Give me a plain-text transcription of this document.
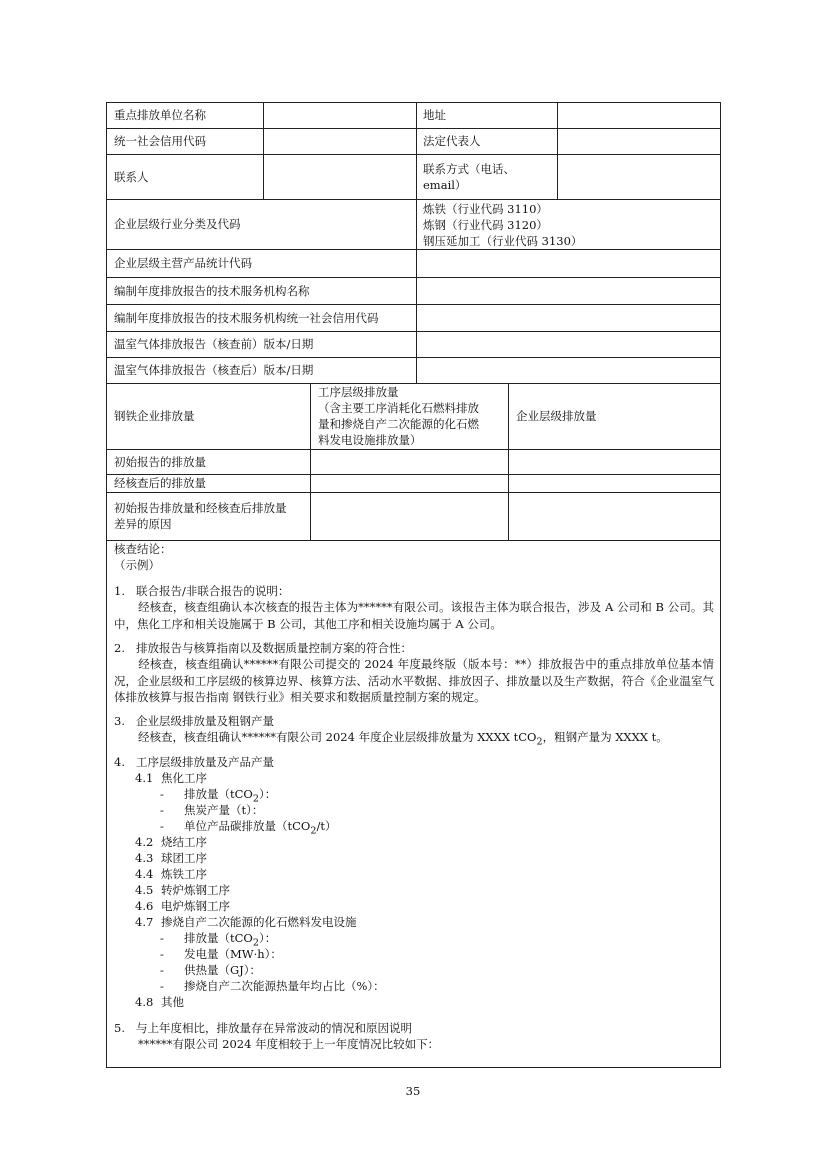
重点排放单位名称	地址
统一社会信用代码	法定代表人
联系人
联系方式（电话、
email）
企业层级行业分类及代码
炼铁（行业代码 3110）
炼钢（行业代码 3120）
钢压延加工（行业代码 3130）
企业层级主营产品统计代码
编制年度排放报告的技术服务机构名称
编制年度排放报告的技术服务机构统一社会信用代码
温室气体排放报告（核查前）版本/日期
温室气体排放报告（核查后）版本/日期
钢铁企业排放量
工序层级排放量
（含主要工序消耗化石燃料排放
量和掺烧自产二次能源的化石燃
料发电设施排放量）
企业层级排放量
初始报告的排放量
经核查后的排放量
初始报告排放量和经核查后排放量
差异的原因
核查结论：
（示例）
1. 联合报告/非联合报告的说明：
经核查，核查组确认本次核查的报告主体为******有限公司。该报告主体为联合报告，涉及 A 公司和 B 公司。其中，焦化工序和相关设施属于 B 公司，其他工序和相关设施均属于 A 公司。
2. 排放报告与核算指南以及数据质量控制方案的符合性：
经核查，核查组确认******有限公司提交的 2024 年度最终版（版本号：**）排放报告中的重点排放单位基本情况，企业层级和工序层级的核算边界、核算方法、活动水平数据、排放因子、排放量以及生产数据，符合《企业温室气体排放核算与报告指南 钢铁行业》相关要求和数据质量控制方案的规定。
3. 企业层级排放量及粗钢产量
经核查，核查组确认******有限公司 2024 年度企业层级排放量为 XXXX tCO$_2$，粗钢产量为 XXXX t。
4. 工序层级排放量及产品产量
4.1 焦化工序
- 排放量（tCO$_2$）：
- 焦炭产量（t）：
- 单位产品碳排放量（tCO$_2$/t）
4.2 烧结工序
4.3 球团工序
4.4 炼铁工序
4.5 转炉炼钢工序
4.6 电炉炼钢工序
4.7 掺烧自产二次能源的化石燃料发电设施
- 排放量（tCO$_2$）：
- 发电量（MW·h）：
- 供热量（GJ）：
- 掺烧自产二次能源热量年均占比（%）：
4.8 其他
5. 与上年度相比，排放量存在异常波动的情况和原因说明
******有限公司 2024 年度相较于上一年度情况比较如下：
35
